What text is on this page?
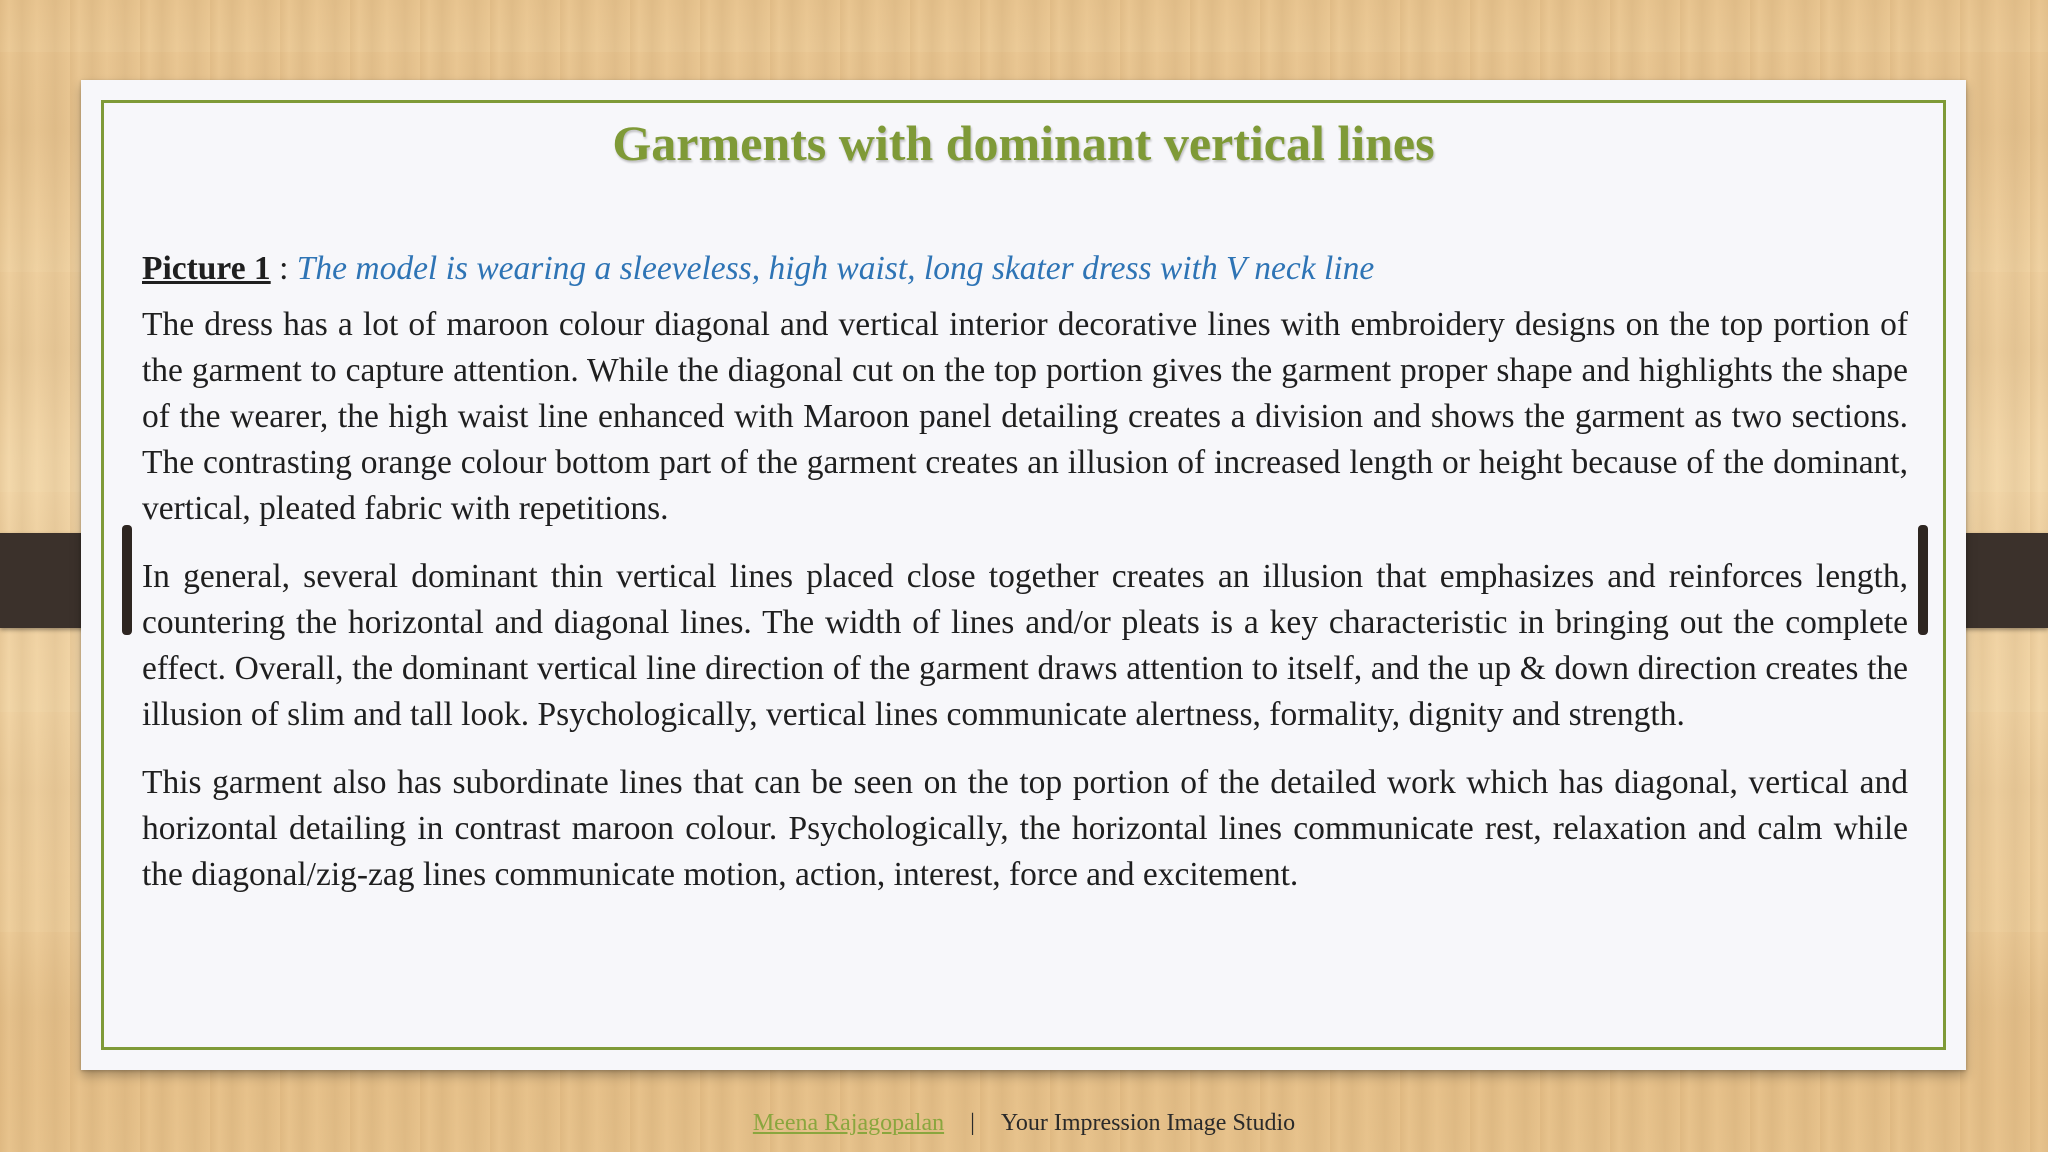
Garments with dominant vertical lines

Picture 1 : The model is wearing a sleeveless, high waist, long skater dress with V neck line

The dress has a lot of maroon colour diagonal and vertical interior decorative lines with embroidery designs on the top portion of the garment to capture attention. While the diagonal cut on the top portion gives the garment proper shape and highlights the shape of the wearer, the high waist line enhanced with Maroon panel detailing creates a division and shows the garment as two sections. The contrasting orange colour bottom part of the garment creates an illusion of increased length or height because of the dominant, vertical, pleated fabric with repetitions.

In general, several dominant thin vertical lines placed close together creates an illusion that emphasizes and reinforces length, countering the horizontal and diagonal lines. The width of lines and/or pleats is a key characteristic in bringing out the complete effect. Overall, the dominant vertical line direction of the garment draws attention to itself, and the up & down direction creates the illusion of slim and tall look. Psychologically, vertical lines communicate alertness, formality, dignity and strength.

This garment also has subordinate lines that can be seen on the top portion of the detailed work which has diagonal, vertical and horizontal detailing in contrast maroon colour. Psychologically, the horizontal lines communicate rest, relaxation and calm while the diagonal/zig-zag lines communicate motion, action, interest, force and excitement.

Meena Rajagopalan | Your Impression Image Studio
